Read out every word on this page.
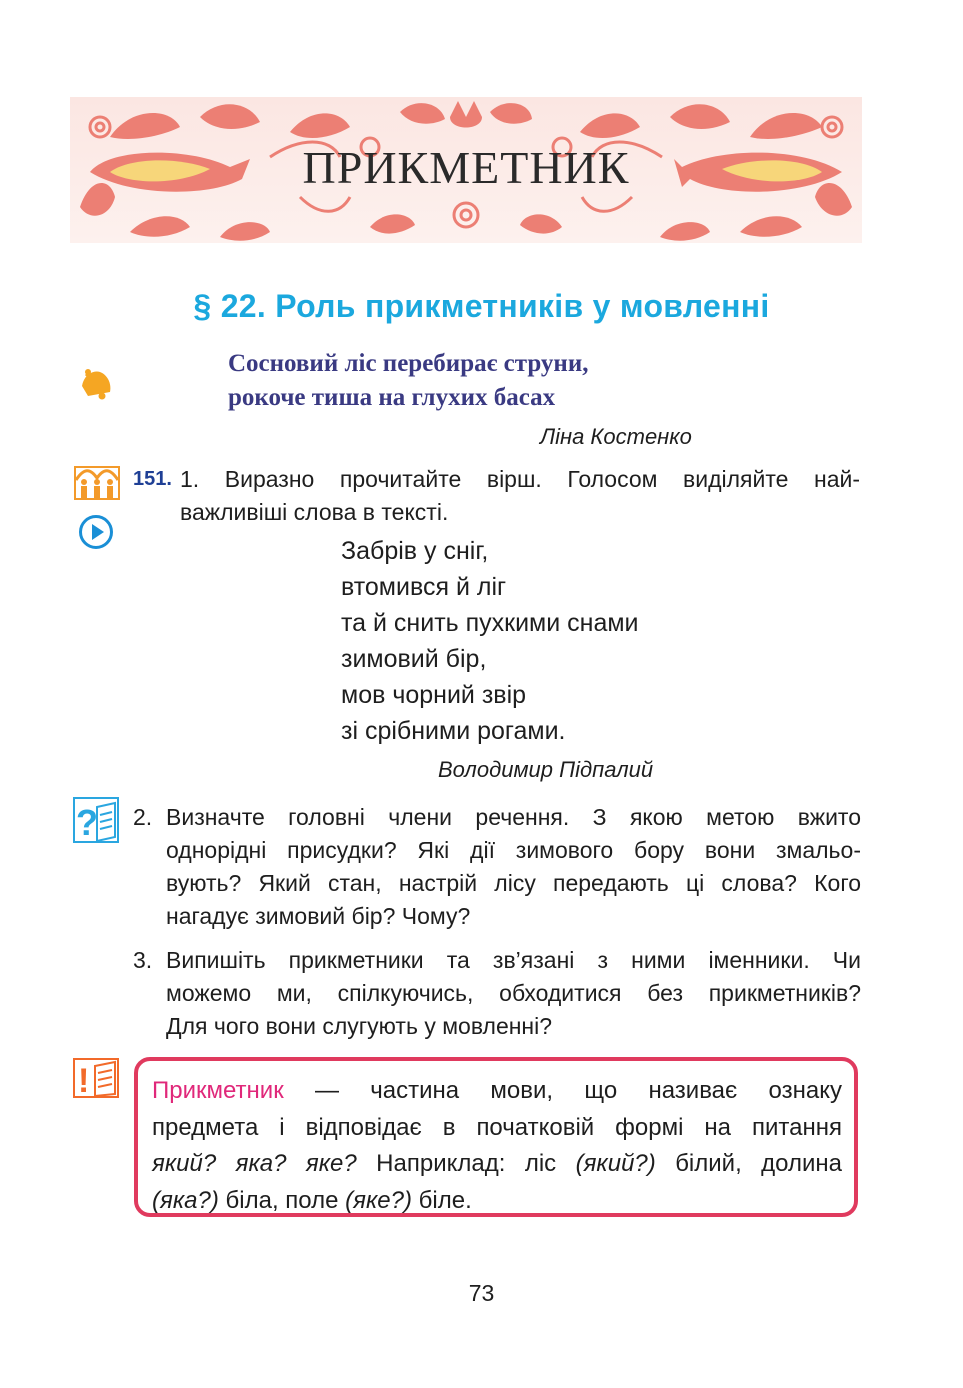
ПРИКМЕТНИК
§ 22. Роль прикметників у мовленні
Сосновий ліс перебирає струни,
рокоче тиша на глухих басах
Ліна Костенко
151. 1. Виразно прочитайте вірш. Голосом виділяйте най-
важливіші слова в тексті.
Забрів у сніг,
втомився й ліг
та й снить пухкими снами
зимовий бір,
мов чорний звір
зі срібними рогами.
Володимир Підпалий
? 2. Визначте головні члени речення. З якою метою вжито
однорідні присудки? Які дії зимового бору вони змальо-
вують? Який стан, настрій лісу передають ці слова? Кого
нагадує зимовий бір? Чому?
3. Випишіть прикметники та зв’язані з ними іменники. Чи
можемо ми, спілкуючись, обходитися без прикметників?
Для чого вони слугують у мовленні?
!	Прикметник — частина мови, що називає ознаку
предмета і відповідає в початковій формі на питання
який? яка? яке? Наприклад: ліс (який?) білий, долина
(яка?) біла, поле (яке?) біле.
73
